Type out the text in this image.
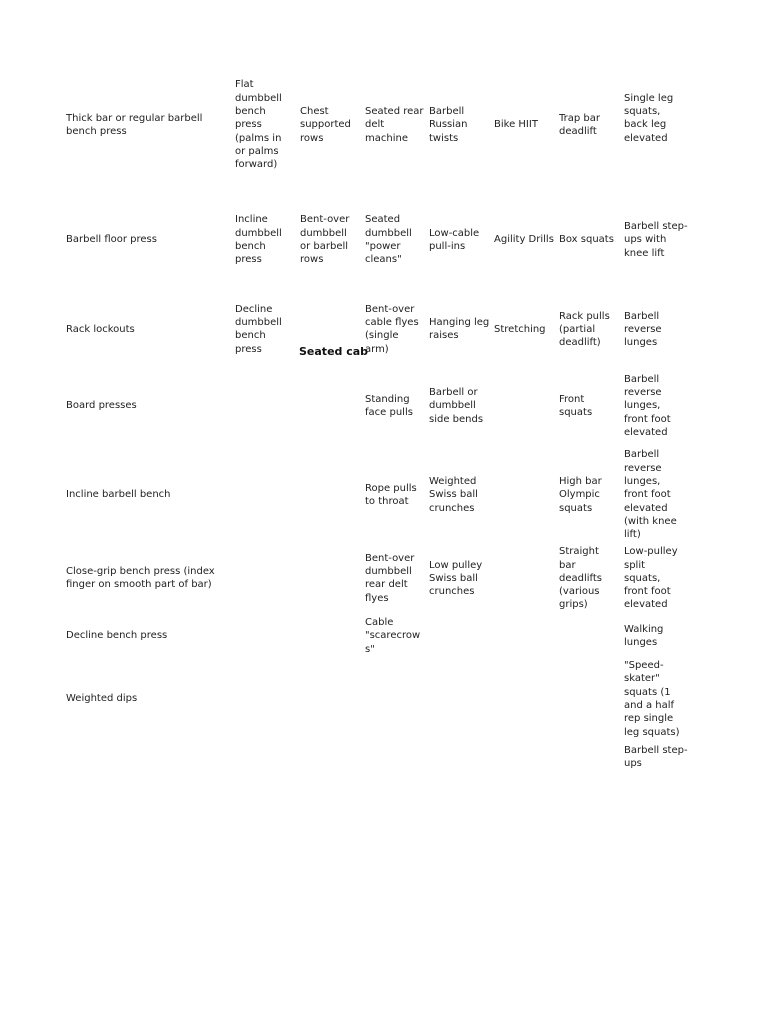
Thick bar or regular barbell
bench press
Barbell floor press
Rack lockouts
Board presses
Incline barbell bench
Close-grip bench press (index
finger on smooth part of bar)
Decline bench press
Weighted dips
Flat
dumbbell
bench
press
(palms in
or palms
forward)
Incline
dumbbell
bench
press
Decline
dumbbell
bench
press
Chest
supported
rows
Bent-over
dumbbell
or barbell
rows
Seated rear
delt
machine
Seated
dumbbell
"power
cleans"
Bent-over
cable flyes
(single
arm)
Standing
face pulls
Rope pulls
to throat
Bent-over
dumbbell
rear delt
flyes
Cable
"scarecrow
s"
Barbell
Russian
twists
Low-cable
pull-ins
Hanging leg
raises
Barbell or
dumbbell
side bends
Weighted
Swiss ball
crunches
Low pulley
Swiss ball
crunches
Bike HIIT
Agility Drills
Stretching
Trap bar
deadlift
Box squats
Rack pulls
(partial
deadlift)
Front
squats
High bar
Olympic
squats
Straight
bar
deadlifts
(various
grips)
Single leg
squats,
back leg
elevated
Barbell step-
ups with
knee lift
Barbell
reverse
lunges
Barbell
reverse
lunges,
front foot
elevated
Barbell
reverse
lunges,
front foot
elevated
(with knee
lift)
Low-pulley
split
squats,
front foot
elevated
Walking
lunges
"Speed-
skater"
squats (1
and a half
rep single
leg squats)
Barbell step-
ups
Seated cab
